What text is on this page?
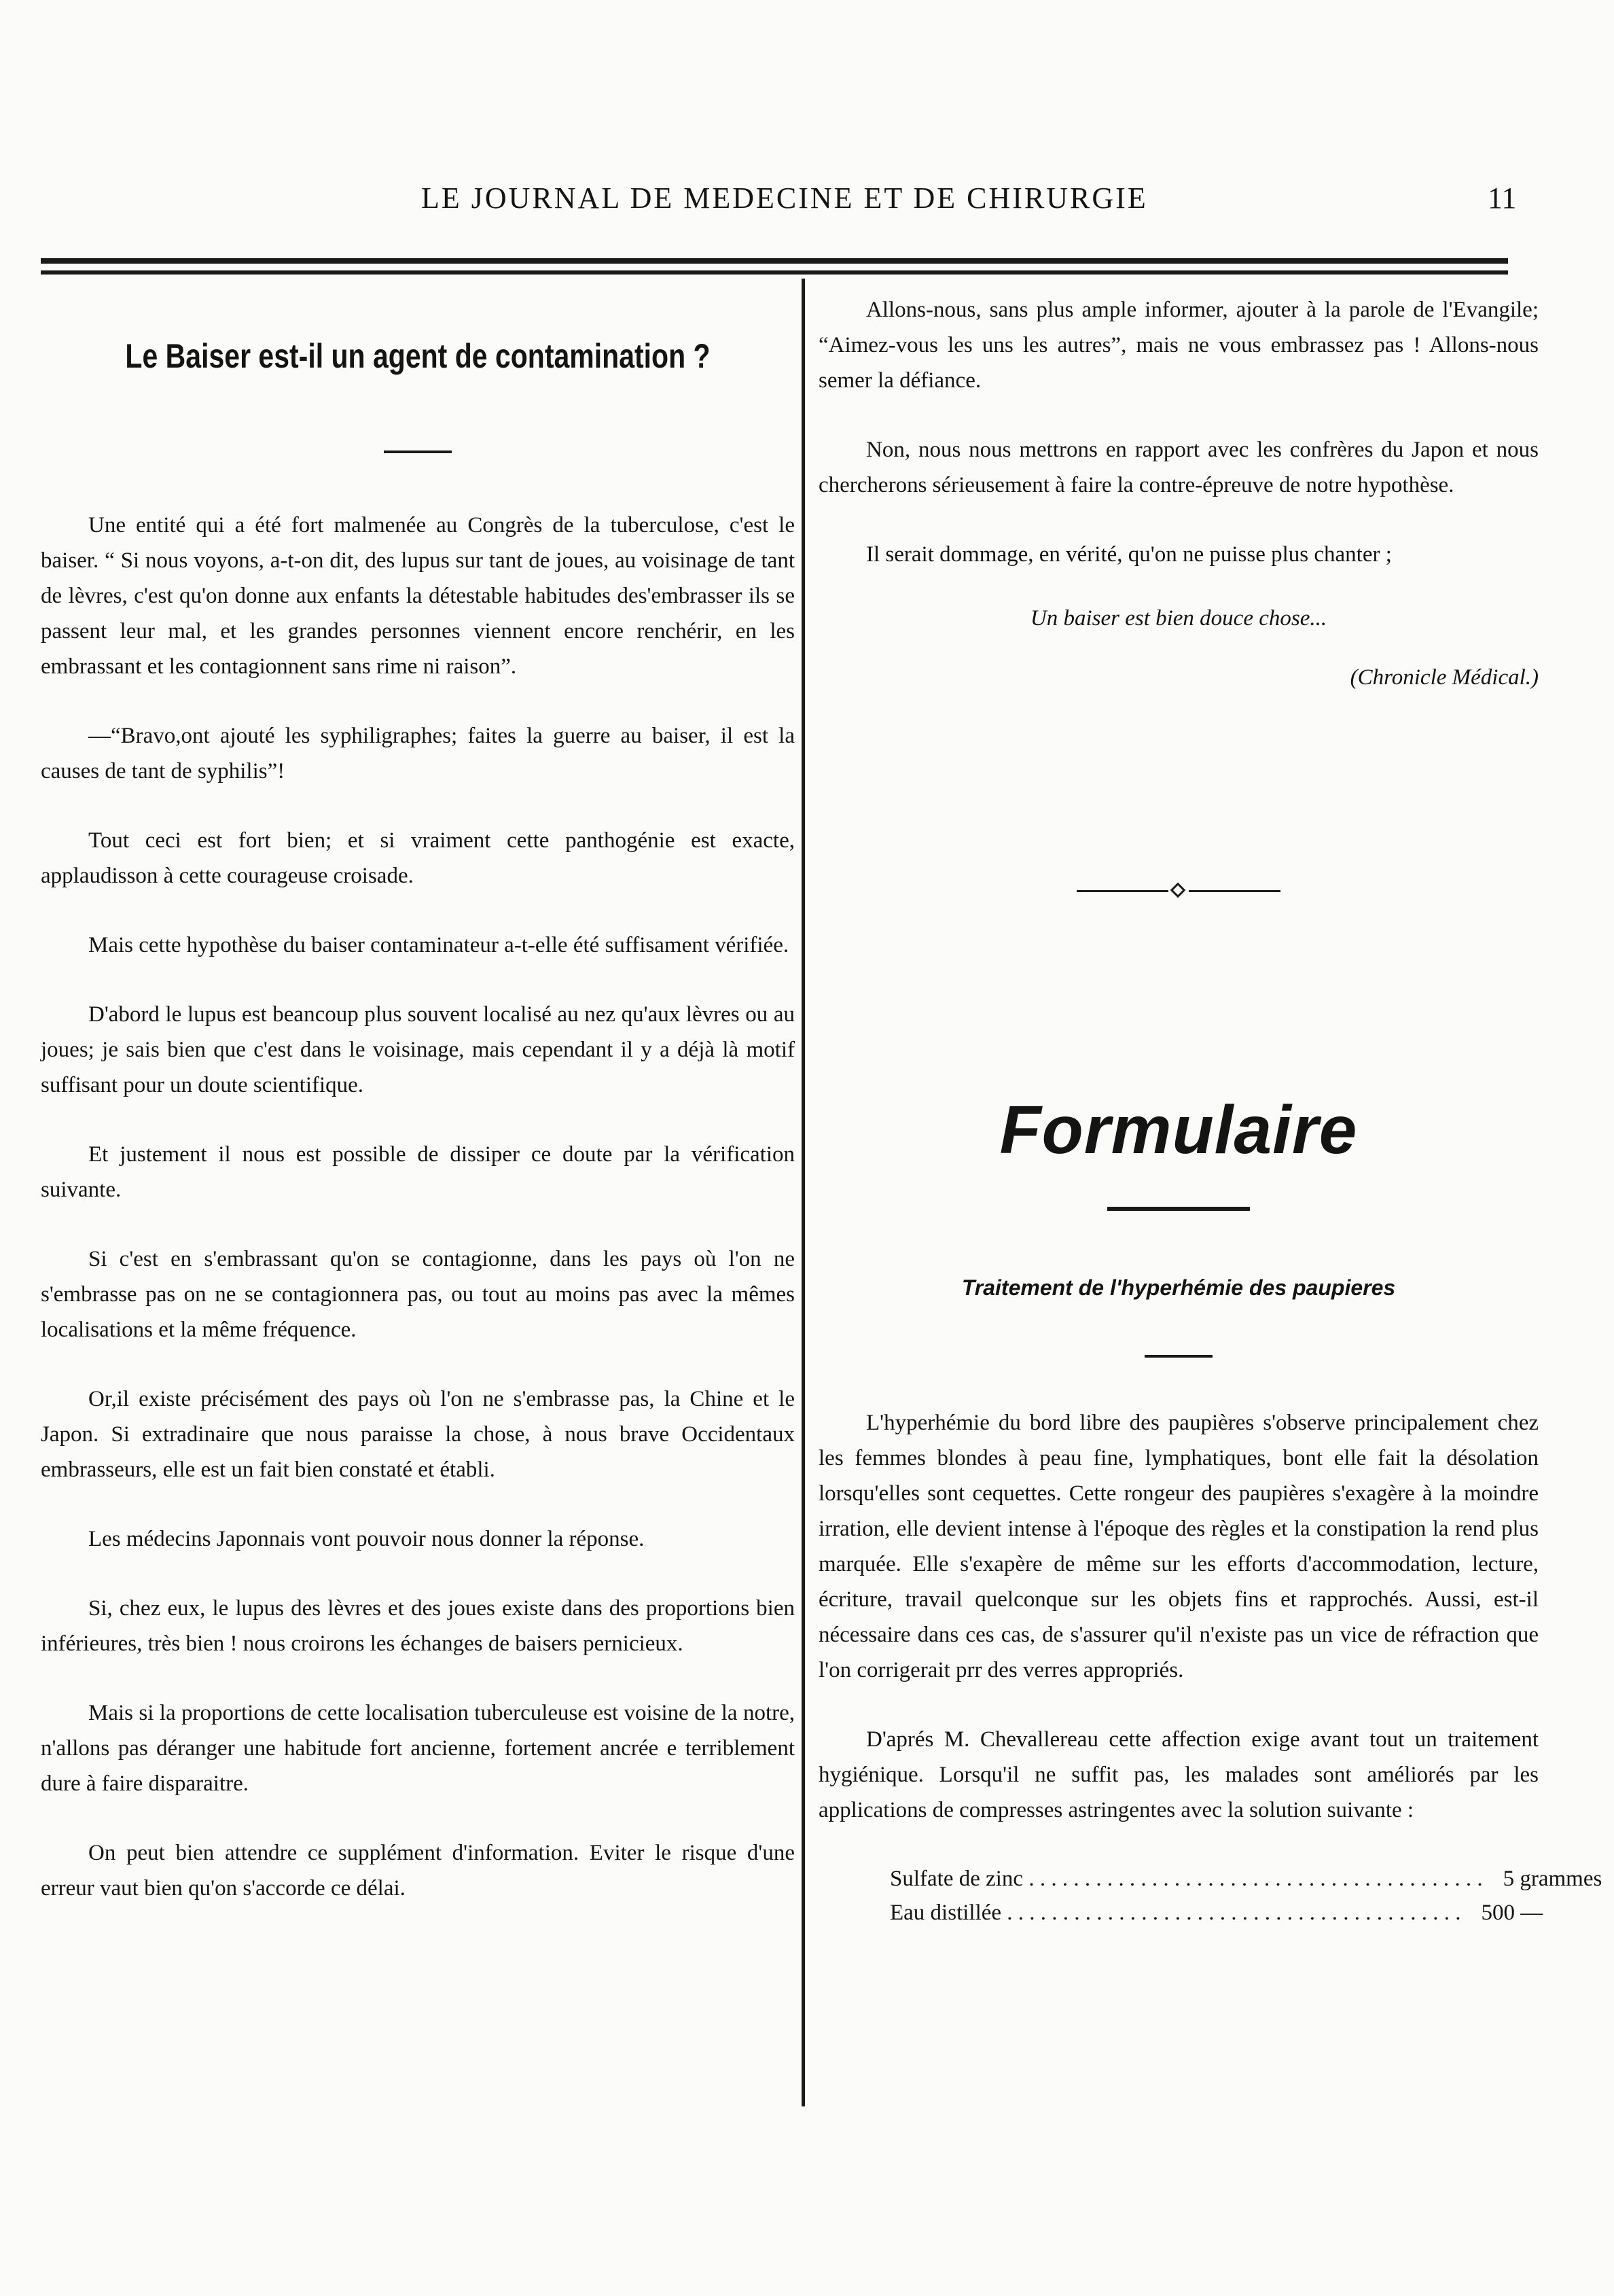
LE JOURNAL DE MEDECINE ET DE CHIRURGIE	11
Le Baiser est-il un agent de contamination ?

Une entité qui a été fort malmenée au Congrès de la tuberculose, c'est le baiser. “ Si nous voyons, a-t-on dit, des lupus sur tant de joues, au voisinage de tant de lèvres, c'est qu'on donne aux enfants la détestable habitudes des'embrasser ils se passent leur mal, et les grandes personnes viennent encore renchérir, en les embrassant et les contagionnent sans rime ni raison”.

—“Bravo,ont ajouté les syphiligraphes; faites la guerre au baiser, il est la causes de tant de syphilis”!

Tout ceci est fort bien; et si vraiment cette panthogénie est exacte, applaudisson à cette courageuse croisade.

Mais cette hypothèse du baiser contaminateur a-t-elle été suffisament vérifiée.

D'abord le lupus est beancoup plus souvent localisé au nez qu'aux lèvres ou au joues; je sais bien que c'est dans le voisinage, mais cependant il y a déjà là motif suffisant pour un doute scientifique.

Et justement il nous est possible de dissiper ce doute par la vérification suivante.

Si c'est en s'embrassant qu'on se contagionne, dans les pays où l'on ne s'embrasse pas on ne se contagionnera pas, ou tout au moins pas avec la mêmes localisations et la même fréquence.

Or,il existe précisément des pays où l'on ne s'embrasse pas, la Chine et le Japon. Si extradinaire que nous paraisse la chose, à nous brave Occidentaux embrasseurs, elle est un fait bien constaté et établi.

Les médecins Japonnais vont pouvoir nous donner la réponse.

Si, chez eux, le lupus des lèvres et des joues existe dans des proportions bien inférieures, très bien ! nous croirons les échanges de baisers pernicieux.

Mais si la proportions de cette localisation tuberculeuse est voisine de la notre, n'allons pas déranger une habitude fort ancienne, fortement ancrée e terriblement dure à faire disparaitre.

On peut bien attendre ce supplément d'information. Eviter le risque d'une erreur vaut bien qu'on s'accorde ce délai.

Allons-nous, sans plus ample informer, ajouter à la parole de l'Evangile; “Aimez-vous les uns les autres”, mais ne vous embrassez pas ! Allons-nous semer la défiance.

Non, nous nous mettrons en rapport avec les confrères du Japon et nous chercherons sérieusement à faire la contre-épreuve de notre hypothèse.

Il serait dommage, en vérité, qu'on ne puisse plus chanter ;

Un baiser est bien douce chose...

(Chronicle Médical.)

Formulaire
Traitement de l'hyperhémie des paupieres

L'hyperhémie du bord libre des paupières s'observe principalement chez les femmes blondes à peau fine, lymphatiques, bont elle fait la désolation lorsqu'elles sont cequettes. Cette rongeur des paupières s'exagère à la moindre irration, elle devient intense à l'époque des règles et la constipation la rend plus marquée. Elle s'exapère de même sur les efforts d'accommodation, lecture, écriture, travail quelconque sur les objets fins et rapprochés. Aussi, est-il nécessaire dans ces cas, de s'assurer qu'il n'existe pas un vice de réfraction que l'on corrigerait prr des verres appropriés.

D'aprés M. Chevallereau cette affection exige avant tout un traitement hygiénique. Lorsqu'il ne suffit pas, les malades sont améliorés par les applications de compresses astringentes avec la solution suivante :

Sulfate de zinc . . . . . . . . . . . . . . . . . . . . . . . . . . . . . . . . . . . . . . . . . 5 grammes
Eau distillée . . . . . . . . . . . . . . . . . . . . . . . . . . . . . . . . . . . . . . . . . 500 —
